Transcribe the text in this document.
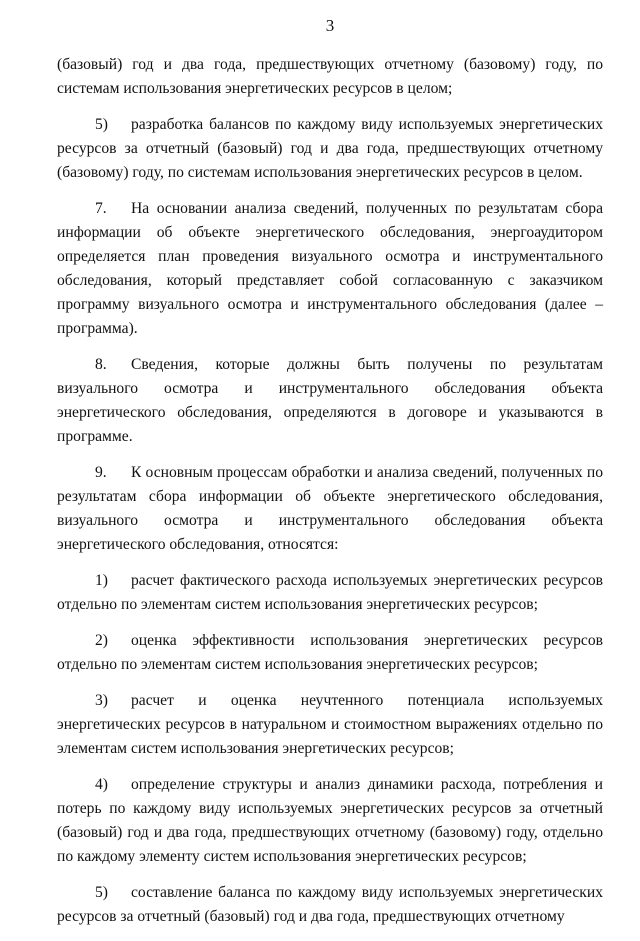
3

(базовый) год и два года, предшествующих отчетному (базовому) году, по системам использования энергетических ресурсов в целом;

5) разработка балансов по каждому виду используемых энергетических ресурсов за отчетный (базовый) год и два года, предшествующих отчетному (базовому) году, по системам использования энергетических ресурсов в целом.

7. На основании анализа сведений, полученных по результатам сбора информации об объекте энергетического обследования, энергоаудитором определяется план проведения визуального осмотра и инструментального обследования, который представляет собой согласованную с заказчиком программу визуального осмотра и инструментального обследования (далее – программа).

8. Сведения, которые должны быть получены по результатам визуального осмотра и инструментального обследования объекта энергетического обследования, определяются в договоре и указываются в программе.

9. К основным процессам обработки и анализа сведений, полученных по результатам сбора информации об объекте энергетического обследования, визуального осмотра и инструментального обследования объекта энергетического обследования, относятся:

1) расчет фактического расхода используемых энергетических ресурсов отдельно по элементам систем использования энергетических ресурсов;

2) оценка эффективности использования энергетических ресурсов отдельно по элементам систем использования энергетических ресурсов;

3) расчет и оценка неучтенного потенциала используемых энергетических ресурсов в натуральном и стоимостном выражениях отдельно по элементам систем использования энергетических ресурсов;

4) определение структуры и анализ динамики расхода, потребления и потерь по каждому виду используемых энергетических ресурсов за отчетный (базовый) год и два года, предшествующих отчетному (базовому) году, отдельно по каждому элементу систем использования энергетических ресурсов;

5) составление баланса по каждому виду используемых энергетических ресурсов за отчетный (базовый) год и два года, предшествующих отчетному
